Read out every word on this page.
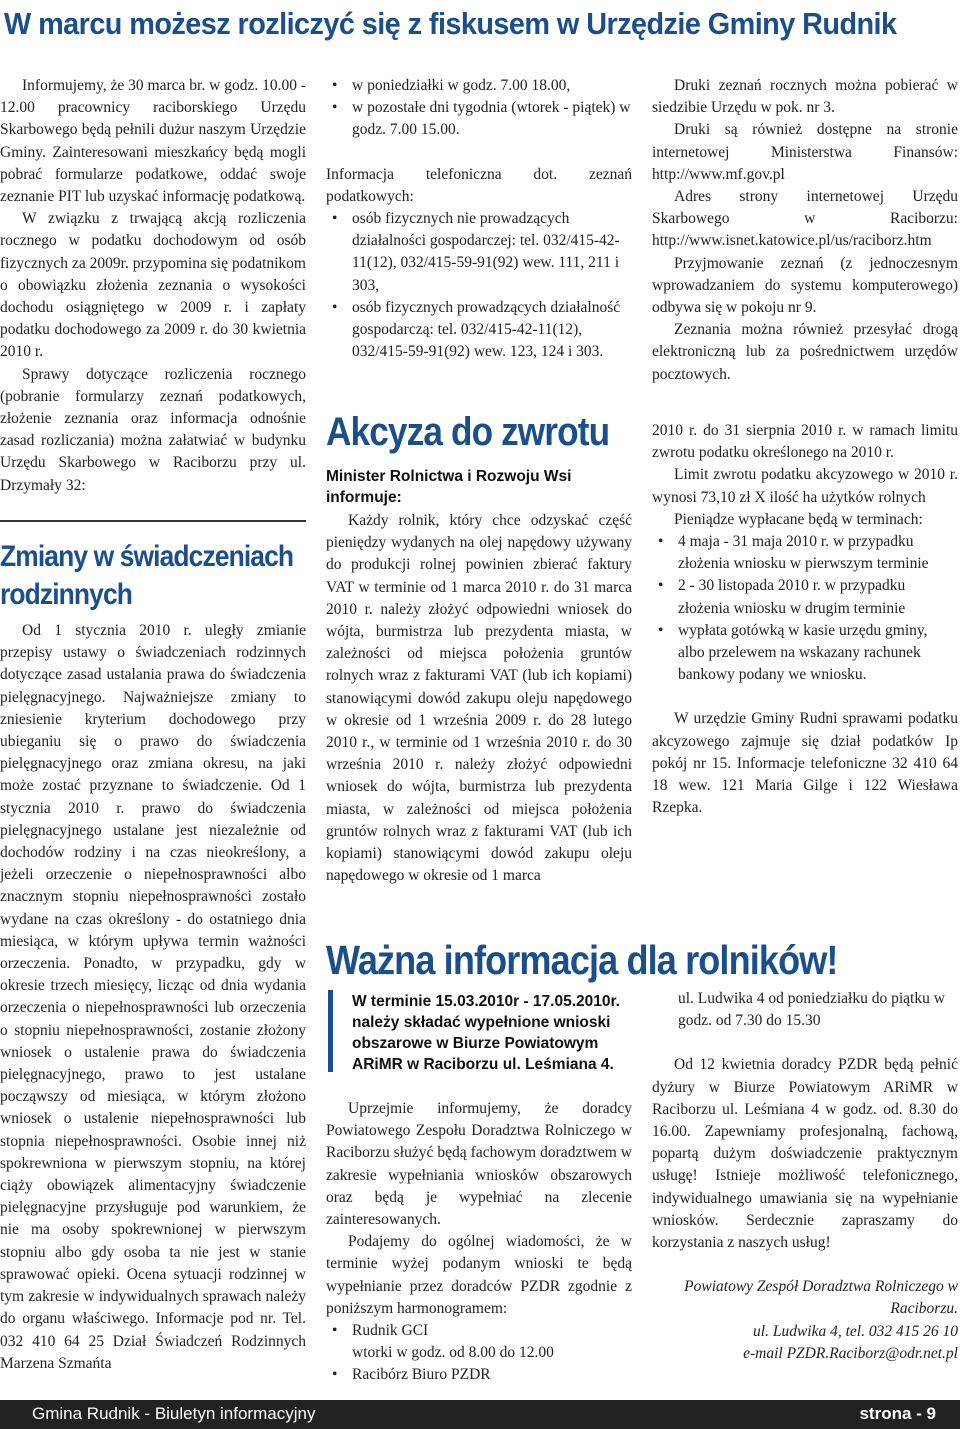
W marcu możesz rozliczyć się z fiskusem w Urzędzie Gminy Rudnik

Informujemy, że 30 marca br. w godz. 10.00 - 12.00 pracownicy raciborskiego Urzędu Skarbowego będą pełnili dużur naszym Urzędzie Gminy. Zainteresowani mieszkańcy będą mogli pobrać formularze podatkowe, oddać swoje zeznanie PIT lub uzyskać informację podatkową.

W związku z trwającą akcją rozliczenia rocznego w podatku dochodowym od osób fizycznych za 2009r. przypomina się podatnikom o obowiązku złożenia zeznania o wysokości dochodu osiągniętego w 2009 r. i zapłaty podatku dochodowego za 2009 r. do 30 kwietnia 2010 r.

Sprawy dotyczące rozliczenia rocznego (pobranie formularzy zeznań podatkowych, złożenie zeznania oraz informacja odnośnie zasad rozliczania) można załatwiać w budynku Urzędu Skarbowego w Raciborzu przy ul. Drzymały 32:

Zmiany w świadczeniach
rodzinnych

Od 1 stycznia 2010 r. uległy zmianie przepisy ustawy o świadczeniach rodzinnych dotyczące zasad ustalania prawa do świadczenia pielęgnacyjnego. Najważniejsze zmiany to zniesienie kryterium dochodowego przy ubieganiu się o prawo do świadczenia pielęgnacyjnego oraz zmiana okresu, na jaki może zostać przyznane to świadczenie. Od 1 stycznia 2010 r. prawo do świadczenia pielęgnacyjnego ustalane jest niezależnie od dochodów rodziny i na czas nieokreślony, a jeżeli orzeczenie o niepełnosprawności albo znacznym stopniu niepełnosprawności zostało wydane na czas określony - do ostatniego dnia miesiąca, w którym upływa termin ważności orzeczenia. Ponadto, w przypadku, gdy w okresie trzech miesięcy, licząc od dnia wydania orzeczenia o niepełnosprawności lub orzeczenia o stopniu niepełnosprawności, zostanie złożony wniosek o ustalenie prawa do świadczenia pielęgnacyjnego, prawo to jest ustalane począwszy od miesiąca, w którym złożono wniosek o ustalenie niepełnosprawności lub stopnia niepełnosprawności. Osobie innej niż spokrewniona w pierwszym stopniu, na której ciąży obowiązek alimentacyjny świadczenie pielęgnacyjne przysługuje pod warunkiem, że nie ma osoby spokrewnionej w pierwszym stopniu albo gdy osoba ta nie jest w stanie sprawować opieki. Ocena sytuacji rodzinnej w tym zakresie w indywidualnych sprawach należy do organu właściwego. Informacje pod nr. Tel. 032 410 64 25 Dział Świadczeń Rodzinnych Marzena Szmańta

• w poniedziałki w godz. 7.00 18.00,
• w pozostałe dni tygodnia (wtorek - piątek) w godz. 7.00 15.00.

Informacja telefoniczna dot. zeznań podatkowych:

• osób fizycznych nie prowadzących działalności gospodarczej: tel. 032/415-42-11(12), 032/415-59-91(92) wew. 111, 211 i 303,
• osób fizycznych prowadzących działalność gospodarczą: tel. 032/415-42-11(12), 032/415-59-91(92) wew. 123, 124 i 303.

Druki zeznań rocznych można pobierać w siedzibie Urzędu w pok. nr 3.

Druki są również dostępne na stronie internetowej Ministerstwa Finansów: http://www.mf.gov.pl

Adres strony internetowej Urzędu Skarbowego w Raciborzu: http://www.isnet.katowice.pl/us/raciborz.htm

Przyjmowanie zeznań (z jednoczesnym wprowadzaniem do systemu komputerowego) odbywa się w pokoju nr 9.

Zeznania można również przesyłać drogą elektroniczną lub za pośrednictwem urzędów pocztowych.

Akcyza do zwrotu
Minister Rolnictwa i Rozwoju Wsi informuje:

Każdy rolnik, który chce odzyskać część pieniędzy wydanych na olej napędowy używany do produkcji rolnej powinien zbierać faktury VAT w terminie od 1 marca 2010 r. do 31 marca 2010 r. należy złożyć odpowiedni wniosek do wójta, burmistrza lub prezydenta miasta, w zależności od miejsca położenia gruntów rolnych wraz z fakturami VAT (lub ich kopiami) stanowiącymi dowód zakupu oleju napędowego w okresie od 1 września 2009 r. do 28 lutego 2010 r., w terminie od 1 września 2010 r. do 30 września 2010 r. należy złożyć odpowiedni wniosek do wójta, burmistrza lub prezydenta miasta, w zależności od miejsca położenia gruntów rolnych wraz z fakturami VAT (lub ich kopiami) stanowiącymi dowód zakupu oleju napędowego w okresie od 1 marca

2010 r. do 31 sierpnia 2010 r. w ramach limitu zwrotu podatku określonego na 2010 r.

Limit zwrotu podatku akcyzowego w 2010 r. wynosi 73,10 zł X ilość ha użytków rolnych

Pieniądze wypłacane będą w terminach:

• 4 maja - 31 maja 2010 r. w przypadku złożenia wniosku w pierwszym terminie
• 2 - 30 listopada 2010 r. w przypadku złożenia wniosku w drugim terminie
• wypłata gotówką w kasie urzędu gminy, albo przelewem na wskazany rachunek bankowy podany we wniosku.

W urzędzie Gminy Rudni sprawami podatku akcyzowego zajmuje się dział podatków Ip pokój nr 15. Informacje telefoniczne 32 410 64 18 wew. 121 Maria Gilge i 122 Wiesława Rzepka.

Ważna informacja dla rolników!
W terminie 15.03.2010r - 17.05.2010r. należy składać wypełnione wnioski obszarowe w Biurze Powiatowym ARiMR w Raciborzu ul. Leśmiana 4.

Uprzejmie informujemy, że doradcy Powiatowego Zespołu Doradztwa Rolniczego w Raciborzu służyć będą fachowym doradztwem w zakresie wypełniania wniosków obszarowych oraz będą je wypełniać na zlecenie zainteresowanych.

Podajemy do ogólnej wiadomości, że w terminie wyżej podanym wnioski te będą wypełnianie przez doradców PZDR zgodnie z poniższym harmonogramem:

• Rudnik GCI
wtorki w godz. od 8.00 do 12.00
• Racibórz Biuro PZDR

ul. Ludwika 4 od poniedziałku do piątku w godz. od 7.30 do 15.30

Od 12 kwietnia doradcy PZDR będą pełnić dyżury w Biurze Powiatowym ARiMR w Raciborzu ul. Leśmiana 4 w godz. od. 8.30 do 16.00. Zapewniamy profesjonalną, fachową, popartą dużym doświadczenie praktycznym usługę! Istnieje możliwość telefonicznego, indywidualnego umawiania się na wypełnianie wniosków. Serdecznie zapraszamy do korzystania z naszych usług!

Powiatowy Zespół Doradztwa Rolniczego w Raciborzu.

ul. Ludwika 4, tel. 032 415 26 10

e-mail PZDR.Raciborz@odr.net.pl

Gmina Rudnik - Biuletyn informacyjny	strona - 9
